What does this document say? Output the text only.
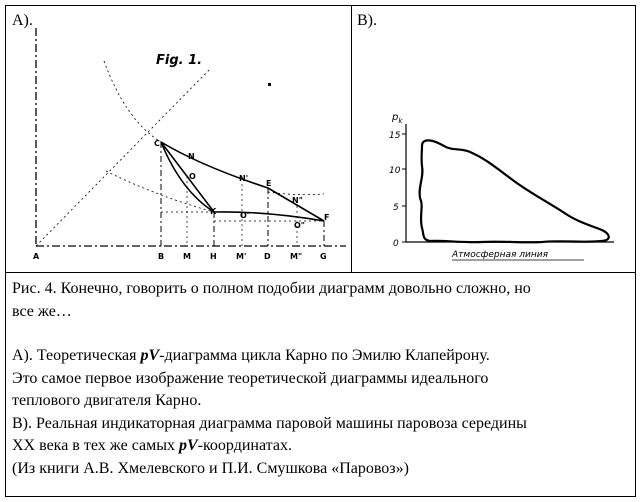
A).
Fig. 1.
C
N
O	N'
E
N"
K	O'
O"
F
A	B M H M' D M" G
B).
$p_k$
15
10
5
0
Атмосферная линия

Рис. 4. Конечно, говорить о полном подобии диаграмм довольно сложно, но

все же…

А). Теоретическая pV-диаграмма цикла Карно по Эмилю Клапейрону.

Это самое первое изображение теоретической диаграммы идеального

теплового двигателя Карно.

В). Реальная индикаторная диаграмма паровой машины паровоза середины

XX века в тех же самых pV-координатах.

(Из книги А.В. Хмелевского и П.И. Смушкова «Паровоз»)
